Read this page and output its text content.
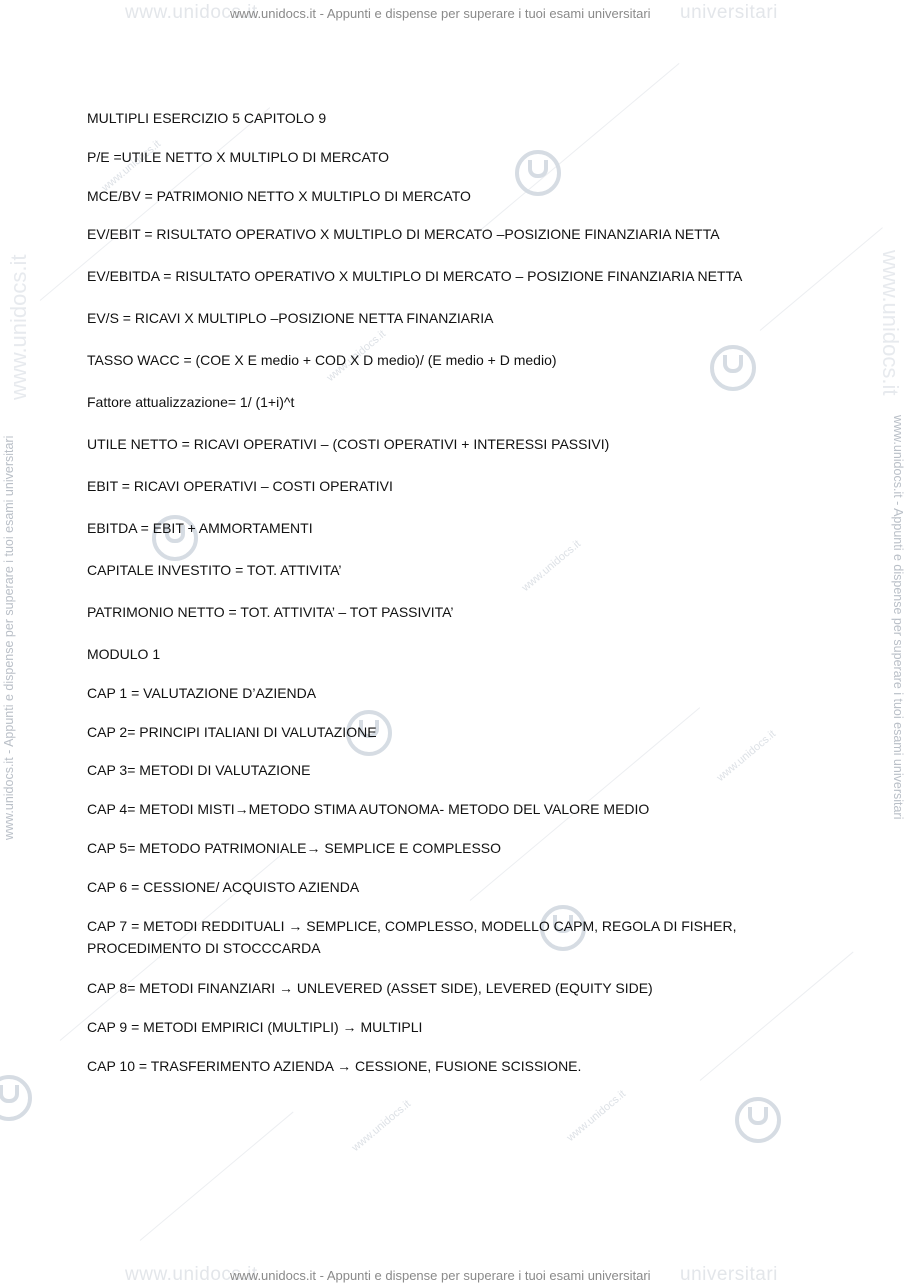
www.unidocs.it
www.unidocs.it
www.unidocs.it
www.unidocs.it
www.unidocs.it	www.unidocs.it
www.unidocs.it	universitari
www.unidocs.it - Appunti e dispense per superare i tuoi esami universitari
www.unidocs.it	universitari
www.unidocs.it - Appunti e dispense per superare i tuoi esami universitari
www.unidocs.it	www.unidocs.it
www.unidocs.it - Appunti e dispense per superare i tuoi esami universitari	www.unidocs.it - Appunti e dispense per superare i tuoi esami universitari
MULTIPLI ESERCIZIO 5 CAPITOLO 9
P/E =UTILE NETTO X MULTIPLO DI MERCATO
MCE/BV = PATRIMONIO NETTO X MULTIPLO DI MERCATO
EV/EBIT = RISULTATO OPERATIVO X MULTIPLO DI MERCATO –POSIZIONE FINANZIARIA NETTA
EV/EBITDA = RISULTATO OPERATIVO X MULTIPLO DI MERCATO – POSIZIONE FINANZIARIA NETTA
EV/S = RICAVI X MULTIPLO –POSIZIONE NETTA FINANZIARIA
TASSO WACC = (COE X E medio + COD X D medio)/ (E medio + D medio)
Fattore attualizzazione= 1/ (1+i)^t
UTILE NETTO = RICAVI OPERATIVI – (COSTI OPERATIVI + INTERESSI PASSIVI)
EBIT = RICAVI OPERATIVI – COSTI OPERATIVI
EBITDA = EBIT + AMMORTAMENTI
CAPITALE INVESTITO = TOT. ATTIVITA’
PATRIMONIO NETTO = TOT. ATTIVITA’ – TOT PASSIVITA’
MODULO 1
CAP 1 = VALUTAZIONE D’AZIENDA
CAP 2= PRINCIPI ITALIANI DI VALUTAZIONE
CAP 3= METODI DI VALUTAZIONE
CAP 4= METODI MISTI→METODO STIMA AUTONOMA- METODO DEL VALORE MEDIO
CAP 5= METODO PATRIMONIALE→ SEMPLICE E COMPLESSO
CAP 6 = CESSIONE/ ACQUISTO AZIENDA
CAP 7 = METODI REDDITUALI → SEMPLICE, COMPLESSO, MODELLO CAPM, REGOLA DI FISHER, PROCEDIMENTO DI STOCCCARDA
CAP 8= METODI FINANZIARI → UNLEVERED (ASSET SIDE), LEVERED (EQUITY SIDE)
CAP 9 = METODI EMPIRICI (MULTIPLI) → MULTIPLI
CAP 10 = TRASFERIMENTO AZIENDA → CESSIONE, FUSIONE SCISSIONE.
